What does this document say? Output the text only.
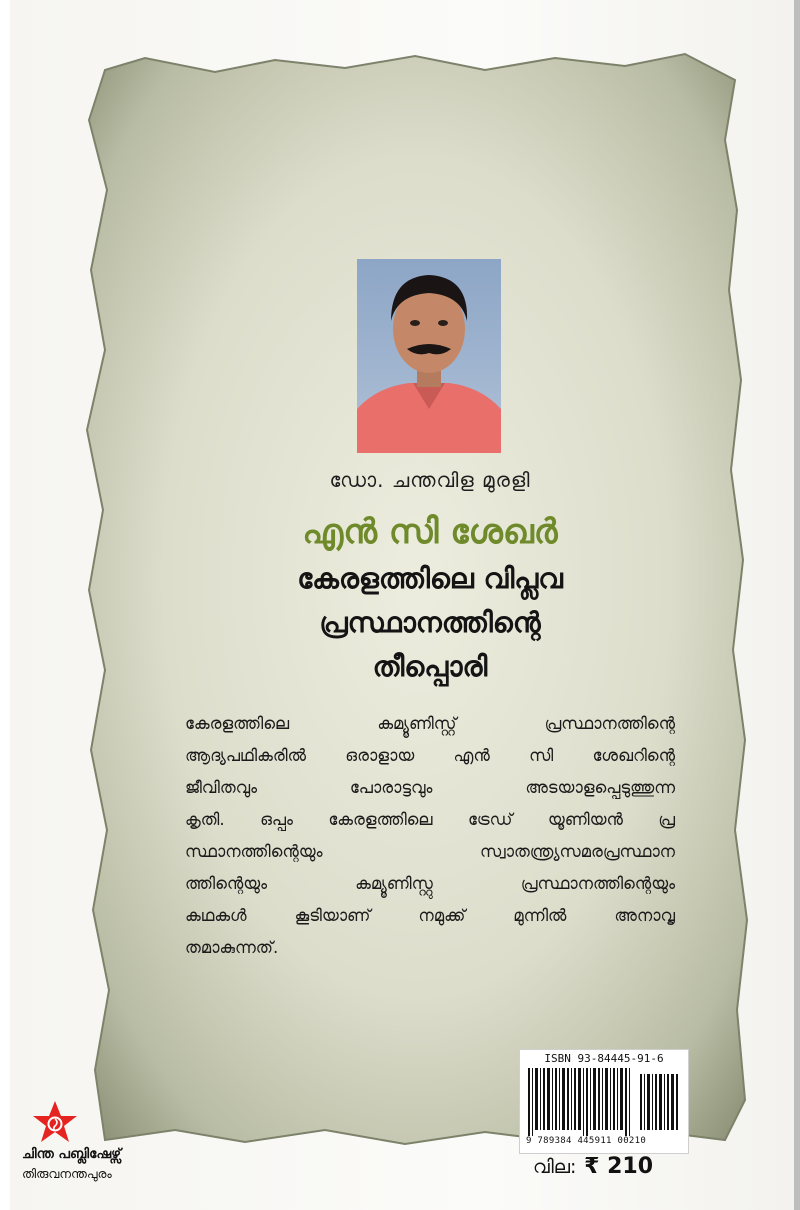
ഡോ. ചന്തവിള മുരളി
എൻ സി ശേഖർ
കേരളത്തിലെ വിപ്ലവ
പ്രസ്ഥാനത്തിന്റെ
തീപ്പൊരി
കേരളത്തിലെ കമ്യൂണിസ്റ്റ് പ്രസ്ഥാനത്തിന്റെ
ആദ്യപഥികരിൽ ഒരാളായ എൻ സി ശേഖറിന്റെ
ജീവിതവും പോരാട്ടവും അടയാളപ്പെടുത്തുന്ന
കൃതി. ഒപ്പം കേരളത്തിലെ ട്രേഡ് യൂണിയൻ പ്ര
സ്ഥാനത്തിന്റെയും സ്വാതന്ത്ര്യസമരപ്രസ്ഥാന
ത്തിന്റെയും കമ്യൂണിസ്റ്റു പ്രസ്ഥാനത്തിന്റെയും
കഥകൾ കൂടിയാണ് നമുക്ക് മുന്നിൽ അനാവൃ
തമാകുന്നത്.
ISBN 93-84445-91-6
9 789384 445911 00210
വില: ₹ 210
ചിന്ത പബ്ലിഷേഴ്സ്
തിരുവനന്തപുരം
